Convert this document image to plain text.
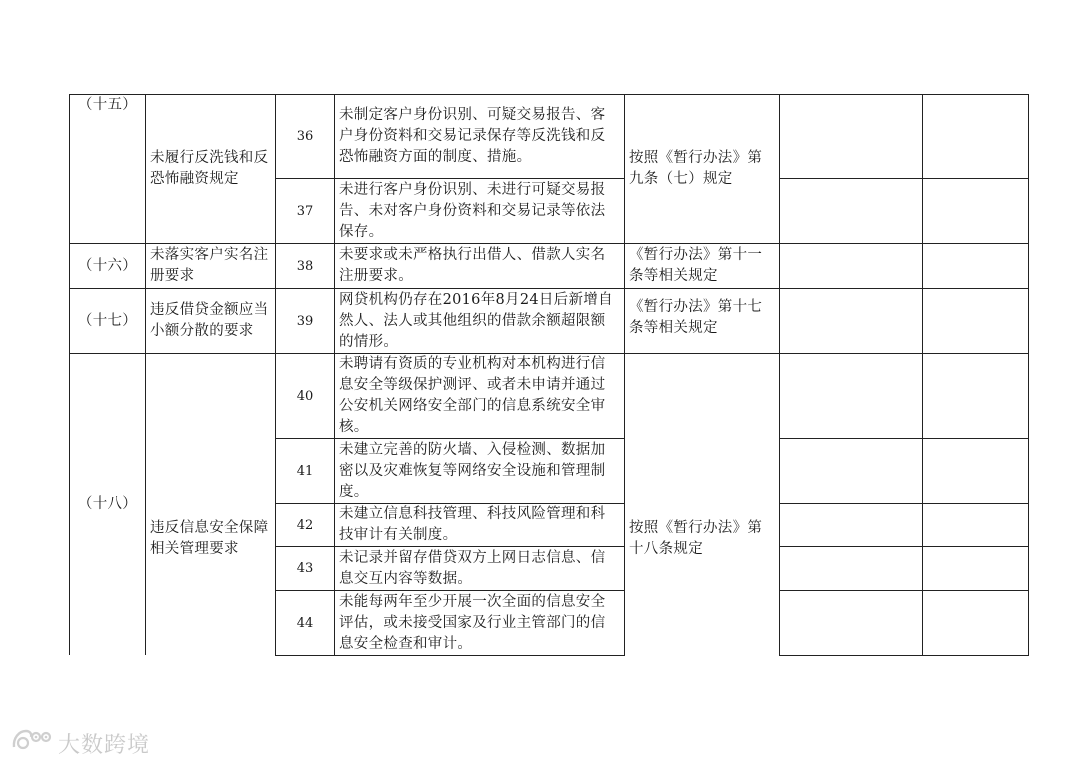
（十五）
未履行反洗钱和反恐怖融资规定
36
未制定客户身份识别、可疑交易报告、客户身份资料和交易记录保存等反洗钱和反恐怖融资方面的制度、措施。
37
未进行客户身份识别、未进行可疑交易报告、未对客户身份资料和交易记录等依法保存。
按照《暂行办法》第九条（七）规定
（十六）
未落实客户实名注册要求
38
未要求或未严格执行出借人、借款人实名注册要求。
《暂行办法》第十一条等相关规定
（十七）
违反借贷金额应当小额分散的要求
39
网贷机构仍存在2016年8月24日后新增自然人、法人或其他组织的借款余额超限额的情形。
《暂行办法》第十七条等相关规定
（十八）
违反信息安全保障相关管理要求
40
未聘请有资质的专业机构对本机构进行信息安全等级保护测评、或者未申请并通过公安机关网络安全部门的信息系统安全审核。
41
未建立完善的防火墙、入侵检测、数据加密以及灾难恢复等网络安全设施和管理制度。
42
未建立信息科技管理、科技风险管理和科技审计有关制度。
43
未记录并留存借贷双方上网日志信息、信息交互内容等数据。
44
未能每两年至少开展一次全面的信息安全评估，或未接受国家及行业主管部门的信息安全检查和审计。
按照《暂行办法》第十八条规定
大数跨境
